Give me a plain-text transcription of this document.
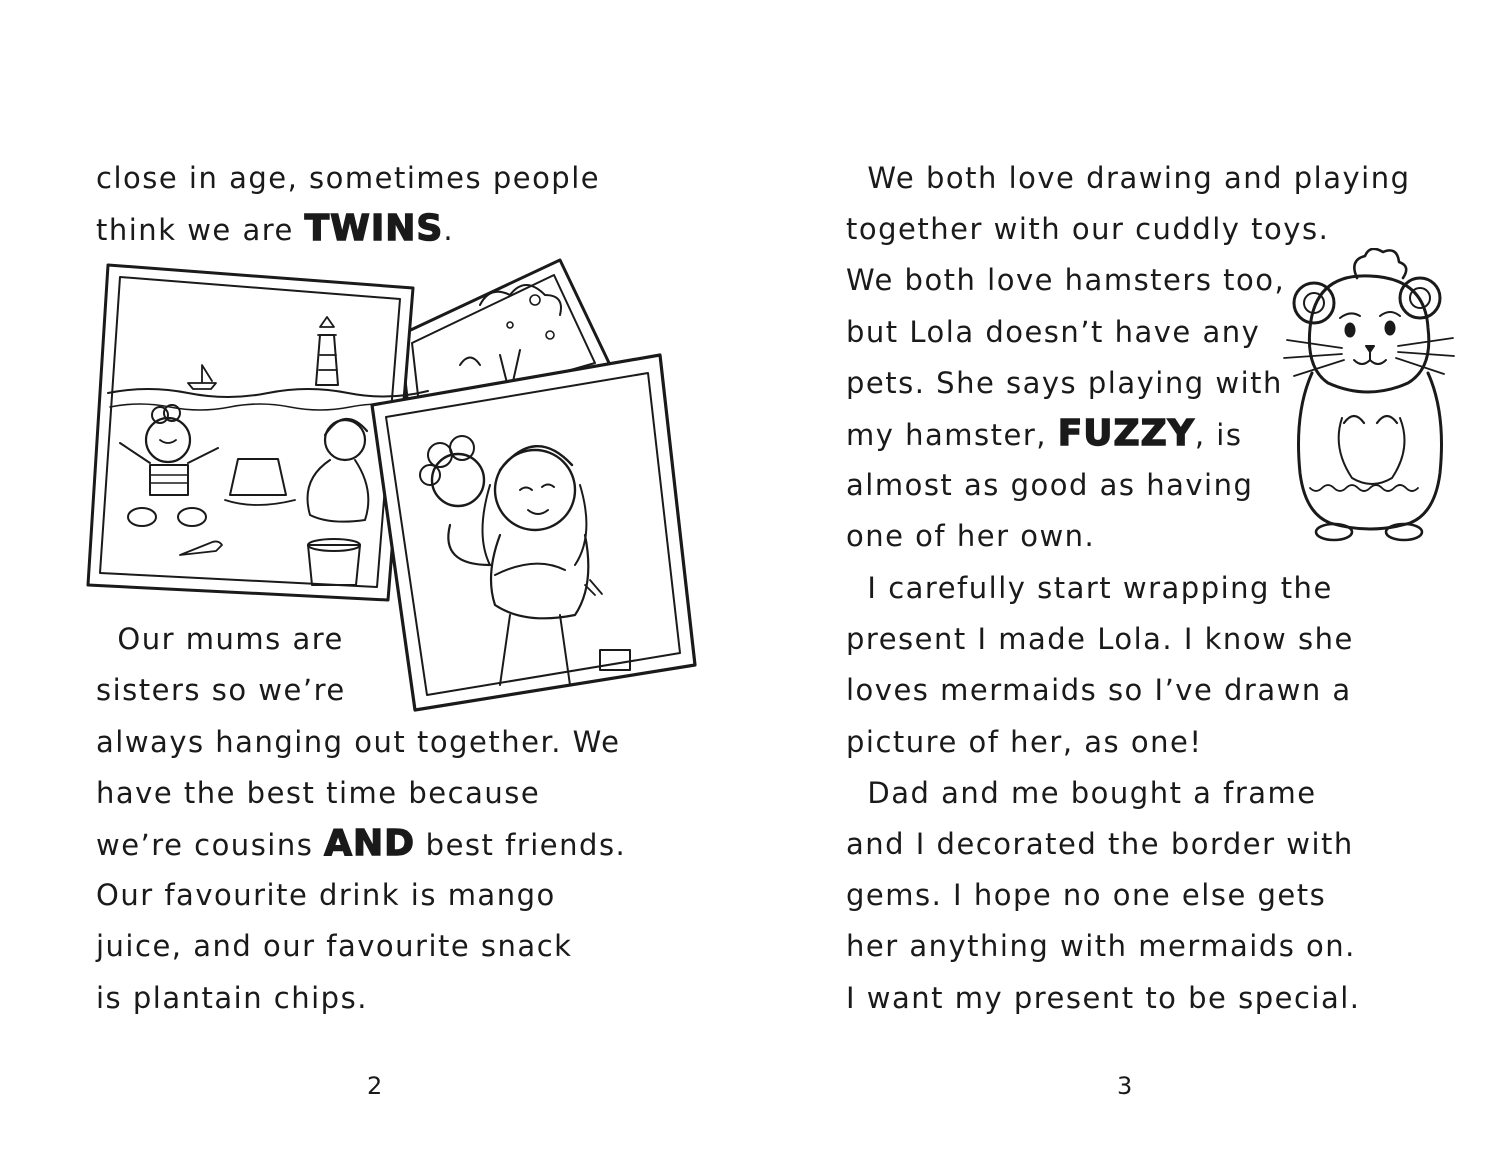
close in age, sometimes people
think we are TWINS.
Our mums are
sisters so we’re
always hanging out together. We
have the best time because
we’re cousins AND best friends.
Our favourite drink is mango
juice, and our favourite snack
is plantain chips.
2
We both love drawing and playing
together with our cuddly toys.
We both love hamsters too,
but Lola doesn’t have any
pets. She says playing with
my hamster, FUZZY, is
almost as good as having
one of her own.
I carefully start wrapping the
present I made Lola. I know she
loves mermaids so I’ve drawn a
picture of her, as one!
Dad and me bought a frame
and I decorated the border with
gems. I hope no one else gets
her anything with mermaids on.
I want my present to be special.
3
